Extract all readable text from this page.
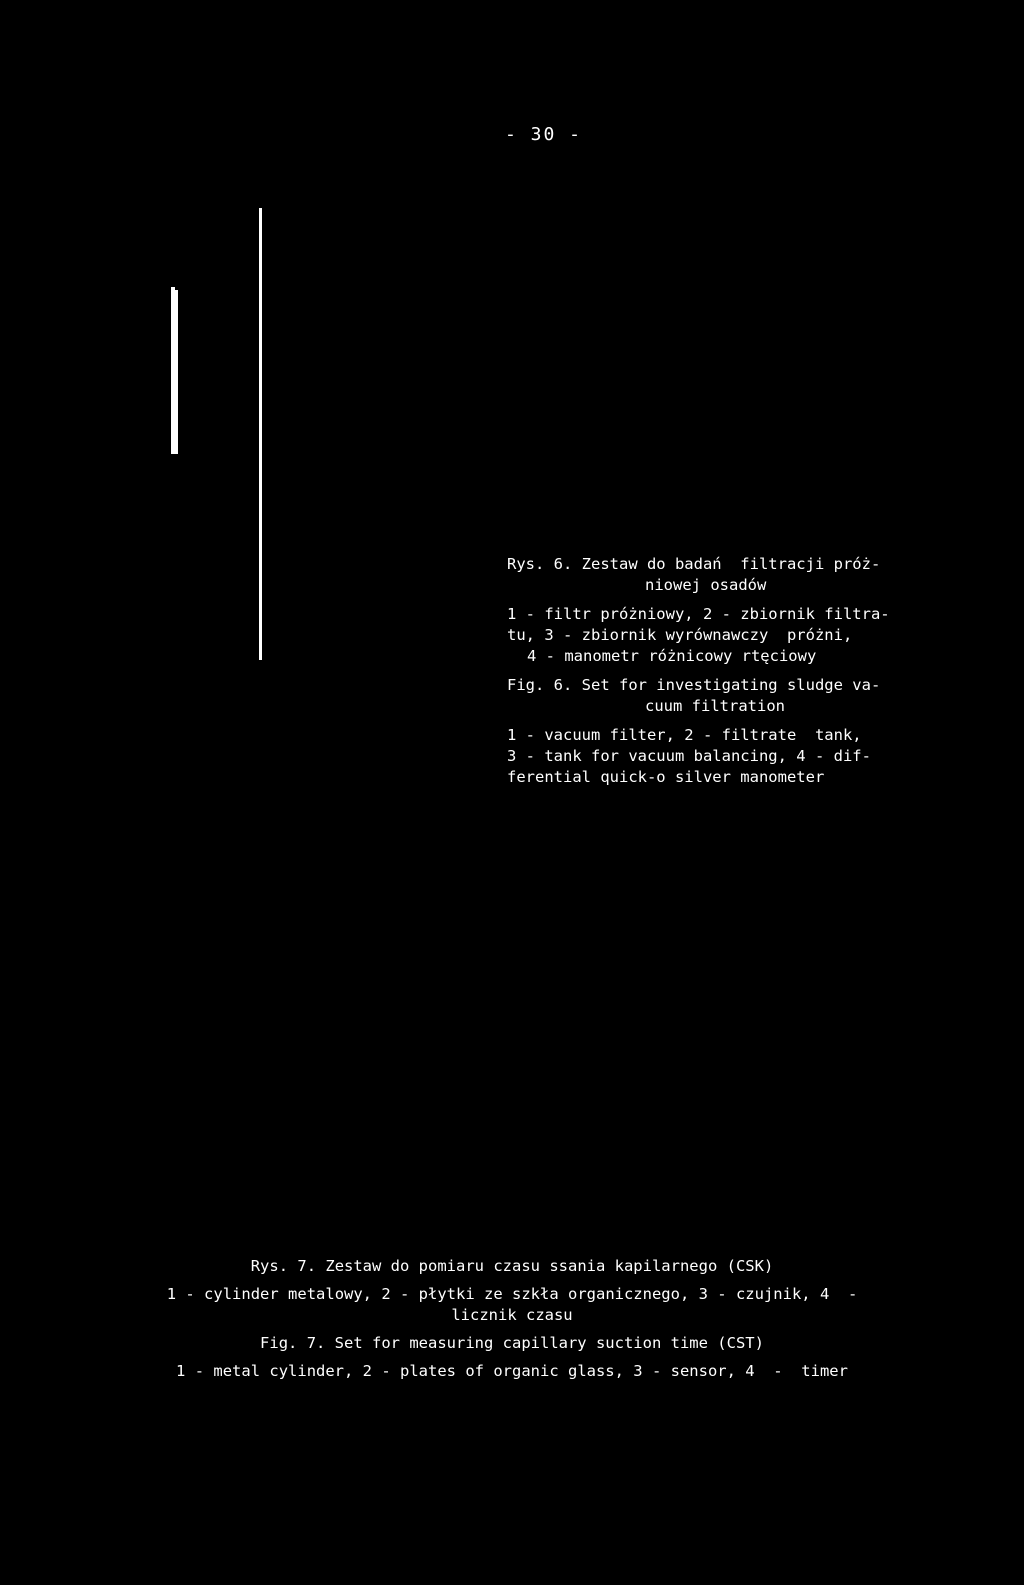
- 30 -
Rys. 6. Zestaw do badań  filtracji próż-
niowej osadów
1 - filtr próżniowy, 2 - zbiornik filtra-
tu, 3 - zbiornik wyrównawczy  próżni,
4 - manometr różnicowy rtęciowy
Fig. 6. Set for investigating sludge va-
cuum filtration
1 - vacuum filter, 2 - filtrate  tank,
3 - tank for vacuum balancing, 4 - dif-
ferential quick-o silver manometer
Rys. 7. Zestaw do pomiaru czasu ssania kapilarnego (CSK)
1 - cylinder metalowy, 2 - płytki ze szkła organicznego, 3 - czujnik, 4  -
licznik czasu
Fig. 7. Set for measuring capillary suction time (CST)
1 - metal cylinder, 2 - plates of organic glass, 3 - sensor, 4  -  timer
